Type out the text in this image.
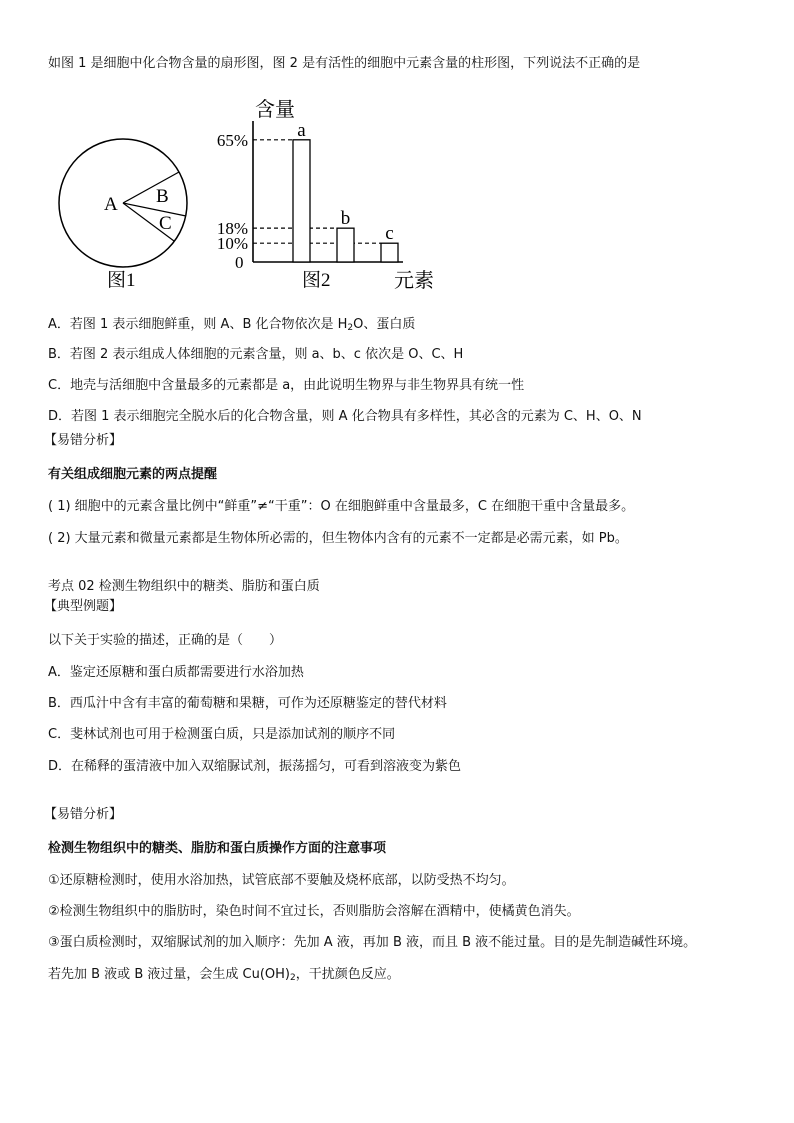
如图 1 是细胞中化合物含量的扇形图，图 2 是有活性的细胞中元素含量的柱形图，下列说法不正确的是
A B
C
图1
含量
0
65%
18%
10%
a
b
c
图2	元素
A．若图 1 表示细胞鲜重，则 A、B 化合物依次是 $H_2O$、蛋白质
B．若图 2 表示组成人体细胞的元素含量，则 a、b、c 依次是 O、C、H
C．地壳与活细胞中含量最多的元素都是 a，由此说明生物界与非生物界具有统一性
D．若图 1 表示细胞完全脱水后的化合物含量，则 A 化合物具有多样性，其必含的元素为 C、H、O、N
【易错分析】
有关组成细胞元素的两点提醒
( 1) 细胞中的元素含量比例中“鲜重”≠“干重”：O 在细胞鲜重中含量最多，C 在细胞干重中含量最多。
( 2) 大量元素和微量元素都是生物体所必需的，但生物体内含有的元素不一定都是必需元素，如 Pb。
考点 02 检测生物组织中的糖类、脂肪和蛋白质
【典型例题】
以下关于实验的描述，正确的是（　　）
A．鉴定还原糖和蛋白质都需要进行水浴加热
B．西瓜汁中含有丰富的葡萄糖和果糖，可作为还原糖鉴定的替代材料
C．斐林试剂也可用于检测蛋白质，只是添加试剂的顺序不同
D．在稀释的蛋清液中加入双缩脲试剂，振荡摇匀，可看到溶液变为紫色
【易错分析】
检测生物组织中的糖类、脂肪和蛋白质操作方面的注意事项
①还原糖检测时，使用水浴加热，试管底部不要触及烧杯底部，以防受热不均匀。
②检测生物组织中的脂肪时，染色时间不宜过长，否则脂肪会溶解在酒精中，使橘黄色消失。
③蛋白质检测时，双缩脲试剂的加入顺序：先加 A 液，再加 B 液，而且 B 液不能过量。目的是先制造碱性环境。
若先加 B 液或 B 液过量，会生成 $Cu(OH)_2$，干扰颜色反应。
